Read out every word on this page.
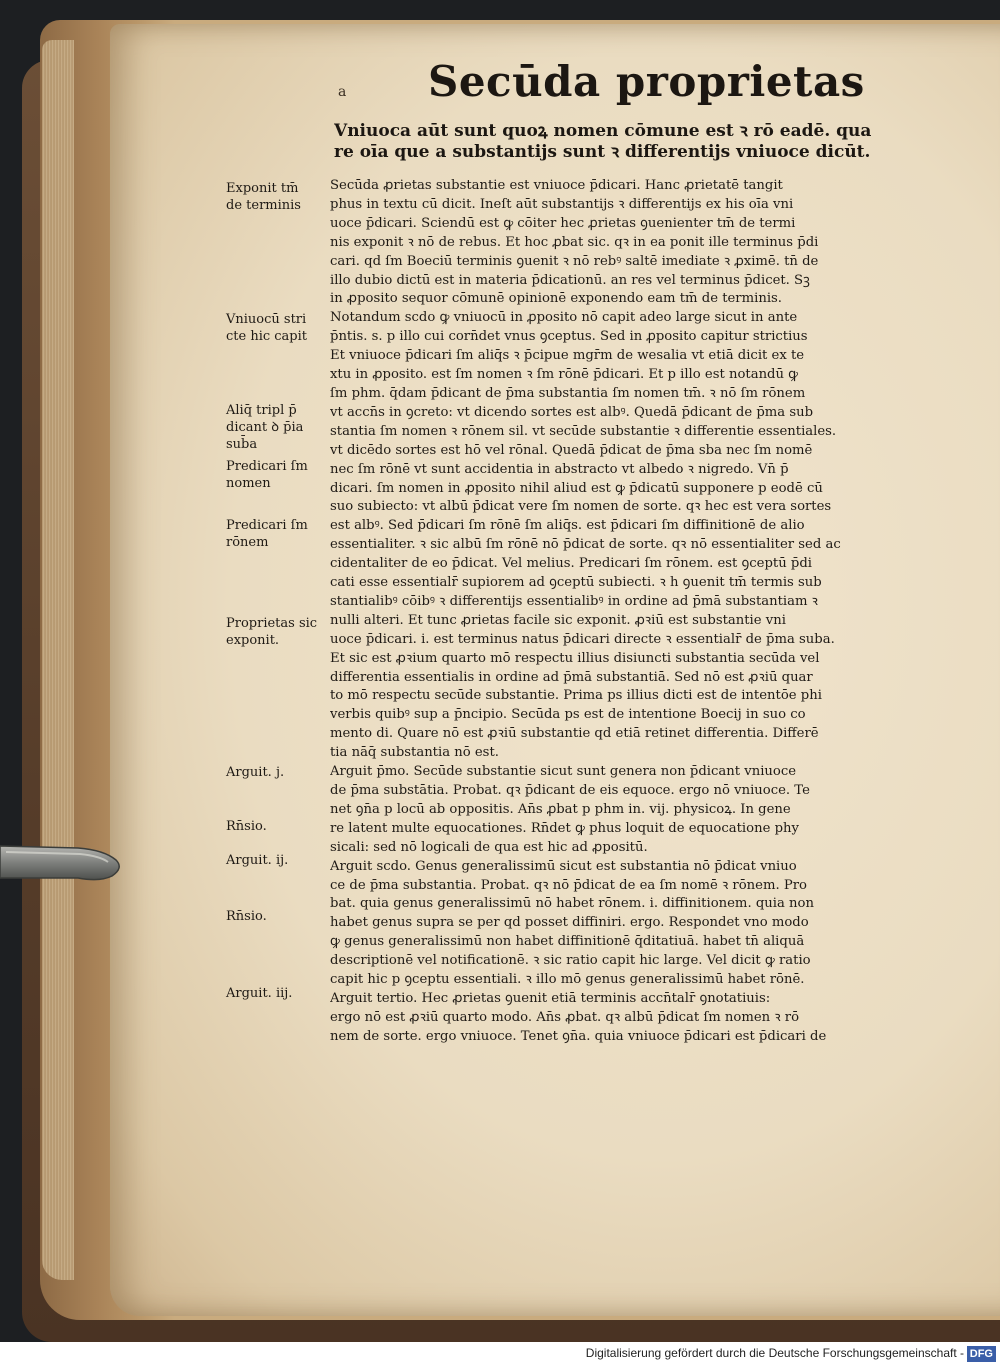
a Secūda proprietas
Vniuoca aūt sunt quoꝝ nomen cōmune est ꝛ rō eadē. qua
re oīa que a substantijs sunt ꝛ differentijs vniuoce dicūt.
Secūda ꝓrietas substantie est vniuoce p̄dicari. Hanc ꝓrietatē tangit
phus in textu cū dicit. Ineſt aūt substantijs ꝛ differentijs ex his oīa vni
uoce p̄dicari. Sciendū est ꝙ cōiter hec ꝓrietas ꝯuenienter tm̄ de termi
nis exponit ꝛ nō de rebus. Et hoc ꝓbat sic. qꝛ in ea ponit ille terminus p̄di
cari. qd̄ ſm Boeciū terminis ꝯuenit ꝛ nō rebꝰ saltē imediate ꝛ ꝓximē. tn̄ de
illo dubio dictū est in materia p̄dicationū. an res vel terminus p̄dicet. Sꝫ
in ꝓposito sequor cōmunē opinionē exponendo eam tm̄ de terminis.
Notandum scd̄o ꝙ vniuocū in ꝓposito nō capit adeo large sicut in ante
p̄ntis. s. p illo cui corn̄det vnus ꝯceptus. Sed in ꝓposito capitur strictius
Et vniuoce p̄dicari ſm aliq̄s ꝛ p̄cipue mgr̄m de wesalia vt etiā dicit ex te
xtu in ꝓposito. est ſm nomen ꝛ ſm rōnē p̄dicari. Et p illo est notandū ꝙ
ſm phm. q̄dam p̄dicant de p̄ma substantia ſm nomen tm̄. ꝛ nō ſm rōnem
vt accn̄s in ꝯcreto: vt dicendo sortes est albꝰ. Quedā p̄dicant de p̄ma sub
stantia ſm nomen ꝛ rōnem sil. vt secūde substantie ꝛ differentie essentiales.
vt dicēdo sortes est hō vel rōnal. Quedā p̄dicat de p̄ma sb̄a nec ſm nomē
nec ſm rōnē vt sunt accidentia in abstracto vt albedo ꝛ nigredo. Vn̄ p̄
dicari. ſm nomen in ꝓposito nihil aliud est ꝙ p̄dicatū supponere p eodē cū
suo subiecto: vt albū p̄dicat vere ſm nomen de sorte. qꝛ hec est vera sortes
est albꝰ. Sed p̄dicari ſm rōnē ſm aliq̄s. est p̄dicari ſm diffinitionē de alio
essentialiter. ꝛ sic albū ſm rōnē nō p̄dicat de sorte. qꝛ nō essentialiter sed ac
cidentaliter de eo p̄dicat. Vel melius. Predicari ſm rōnem. est ꝯceptū p̄di
cati esse essentialr̄ supiorem ad ꝯceptū subiecti. ꝛ h̄ ꝯuenit tm̄ termis sub
stantialibꝰ cōibꝰ ꝛ differentijs essentialibꝰ in ordine ad p̄mā substantiam ꝛ
nulli alteri. Et tunc ꝓrietas facile sic exponit. ꝓꝛiū est substantie vni
uoce p̄dicari. i. est terminus natus p̄dicari directe ꝛ essentialr̄ de p̄ma sub̄a.
Et sic est ꝓꝛium quarto mō respectu illius disiuncti substantia secūda vel
differentia essentialis in ordine ad p̄mā substantiā. Sed nō est ꝓꝛiū quar
to mō respectu secūde substantie. Prima ps illius dicti est de intentōe phi
verbis quibꝰ sup a p̄ncipio. Secūda ps est de intentione Boecij in suo co
mento di. Quare nō est ꝓꝛiū substantie qd̄ etiā retinet differentia. Differē
tia nāq̄ substantia nō est.
Arguit p̄mo. Secūde substantie sicut sunt genera non p̄dicant vniuoce
de p̄ma substātia. Probat. qꝛ p̄dicant de eis equoce. ergo nō vniuoce. Te
net ꝯn̄a p locū ab oppositis. An̄s ꝓbat p phm in. vij. physicoꝝ. In gene
re latent multe equocationes. Rn̄det ꝙ phus loquit de equocatione phy
sicali: sed nō logicali de qua est hic ad ꝓpositū.
Arguit scd̄o. Genus generalissimū sicut est substantia nō p̄dicat vniuo
ce de p̄ma substantia. Probat. qꝛ nō p̄dicat de ea ſm nomē ꝛ rōnem. Pro
bat. quia genus generalissimū nō habet rōnem. i. diffinitionem. quia non
habet genus supra se per qd̄ posset diffiniri. ergo. Respondet vno modo
ꝙ genus generalissimū non habet diffinitionē q̄ditatiuā. habet tn̄ aliquā
descriptionē vel notificationē. ꝛ sic ratio capit hic large. Vel dicit ꝙ ratio
capit hic p ꝯceptu essentiali. ꝛ illo mō genus generalissimū habet rōnē.
Arguit tertio. Hec ꝓrietas ꝯuenit etiā terminis accn̄talr̄ ꝯnotatiuis:
ergo nō est ꝓꝛiū quarto modo. An̄s ꝓbat. qꝛ albū p̄dicat ſm nomen ꝛ rō
nem de sorte. ergo vniuoce. Tenet ꝯn̄a. quia vniuoce p̄dicari est p̄dicari de
Exponit tm̄
de terminis
Vniuocū stri
cte hic capit
Aliq̄ tripl p̄
dicant ꝺ p̄ia
sub̄a
Predicari ſm
nomen
Predicari ſm
rōnem
Proprietas sic
exponit.
Arguit. j.
Rn̄sio.
Arguit. ij.
Rn̄sio.
Arguit. iij.
Digitalisierung gefördert durch die Deutsche Forschungsgemeinschaft - DFG
